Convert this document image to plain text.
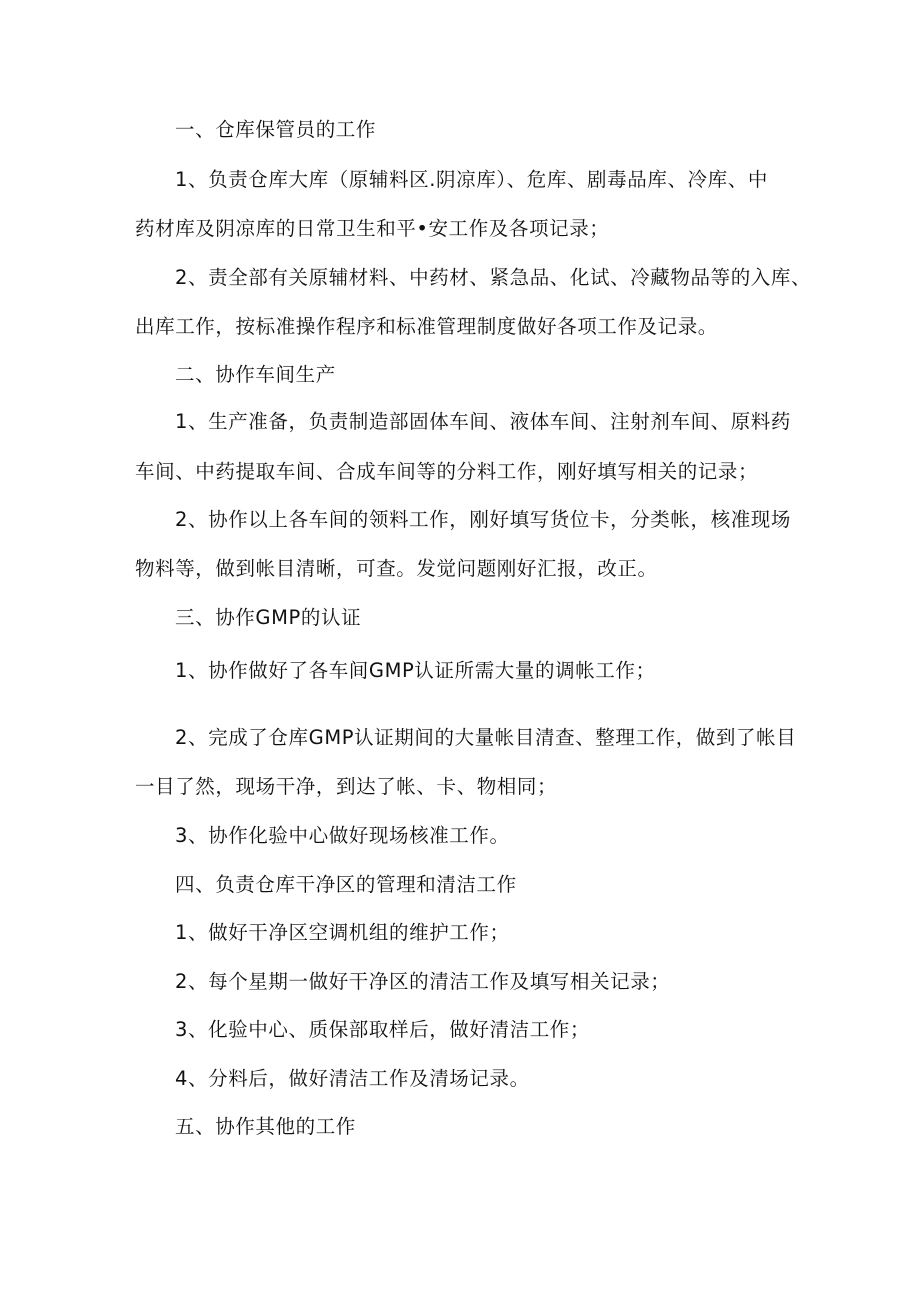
一、仓库保管员的工作
1、负责仓库大库（原辅料区.阴凉库）、危库、剧毒品库、冷库、中
药材库及阴凉库的日常卫生和平•安工作及各项记录；
2、责全部有关原辅材料、中药材、紧急品、化试、冷藏物品等的入库、
出库工作，按标准操作程序和标准管理制度做好各项工作及记录。
二、协作车间生产
1、生产准备，负责制造部固体车间、液体车间、注射剂车间、原料药
车间、中药提取车间、合成车间等的分料工作，刚好填写相关的记录；
2、协作以上各车间的领料工作，刚好填写货位卡，分类帐，核准现场
物料等，做到帐目清晰，可查。发觉问题刚好汇报，改正。
三、协作GMP的认证
1、协作做好了各车间GMP认证所需大量的调帐工作；
2、完成了仓库GMP认证期间的大量帐目清查、整理工作，做到了帐目
一目了然，现场干净，到达了帐、卡、物相同；
3、协作化验中心做好现场核准工作。
四、负责仓库干净区的管理和清洁工作
1、做好干净区空调机组的维护工作；
2、每个星期一做好干净区的清洁工作及填写相关记录；
3、化验中心、质保部取样后，做好清洁工作；
4、分料后，做好清洁工作及清场记录。
五、协作其他的工作
